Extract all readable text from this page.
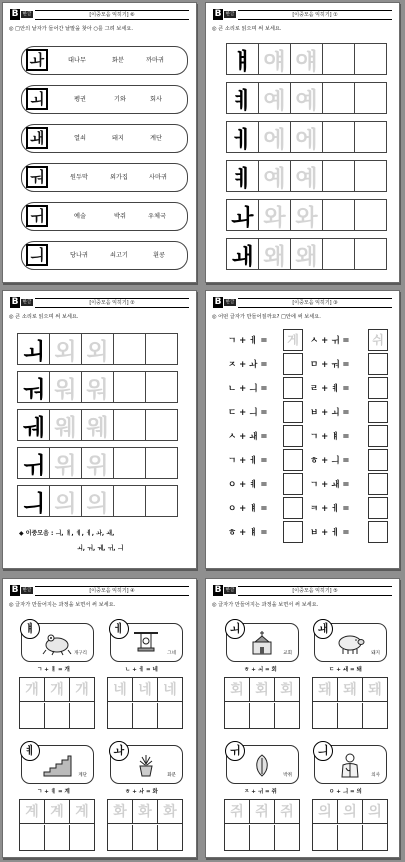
B 한글	[이중모음 익히기] ⑥
◎ □안의 낱자가 들어간 낱말을 찾아 ○를 그려 보세요.
ㅘ	대나무	화분	까마귀
ㅚ	펭귄	기와	회사
ㅙ	열쇠	돼지	계단
ㅝ	원두막	외가집	사마귀
ㅟ	예술	박쥐	우체국
ㅢ	당나귀	쇠고기	휜콩
B 한글	[이중모음 익히기] ①
◎ 큰 소리로 읽으며 써 보세요.
ㅒ 얘 얘
ㅖ 예 예
ㅔ 에 에
ㅖ 예 예
ㅘ 와 와
ㅙ 왜 왜
B 한글	[이중모음 익히기] ②
◎ 큰 소리로 읽으며 써 보세요.
ㅚ 외 외
ㅝ 워 워
ㅞ 웨 웨
ㅟ 위 위
ㅢ 의 의
◆ 이중모음 : ㅢ, ㅒ, ㅖ, ㅔ, ㅘ, ㅙ,
ㅚ, ㅝ, ㅞ, ㅟ, ㅢ
B 한글	[이중모음 익히기] ③
◎ 어떤 글자가 만들어질까요? □안에 써 보세요.
ㄱ + ㅔ =	게
ㅈ + ㅘ =
ㄴ + ㅢ =
ㄷ + ㅢ =
ㅅ + ㅙ =
ㄱ + ㅔ =
ㅇ + ㅖ =
ㅇ + ㅒ =
ㅎ + ㅒ =
ㅅ + ㅟ =	쉬
ㅁ + ㅝ =
ㄹ + ㅖ =
ㅂ + ㅚ =
ㄱ + ㅒ =
ㅎ + ㅢ =
ㄱ + ㅙ =
ㅋ + ㅔ =
ㅂ + ㅔ =
B 한글	[이중모음 익히기] ④
◎ 글자가 만들어지는 과정을 보면서 써 보세요.
ㅒ
개구리
ㄱ + ㅒ = 개
개 개 개
ㅔ
그네
ㄴ + ㅔ = 네
네 네 네
ㅖ
계단
ㄱ + ㅖ = 계
계 계 계
ㅘ
화분
ㅎ + ㅘ = 화
화 화 화
B 한글	[이중모음 익히기] ⑤
◎ 글자가 만들어지는 과정을 보면서 써 보세요.
ㅚ
교회
ㅎ + ㅚ = 회
회 회 회
ㅙ
돼지
ㄷ + ㅙ = 돼
돼 돼 돼
ㅟ
박쥐
ㅈ + ㅟ = 쥐
쥐 쥐 쥐
ㅢ
의사
ㅇ + ㅢ = 의
의 의 의
